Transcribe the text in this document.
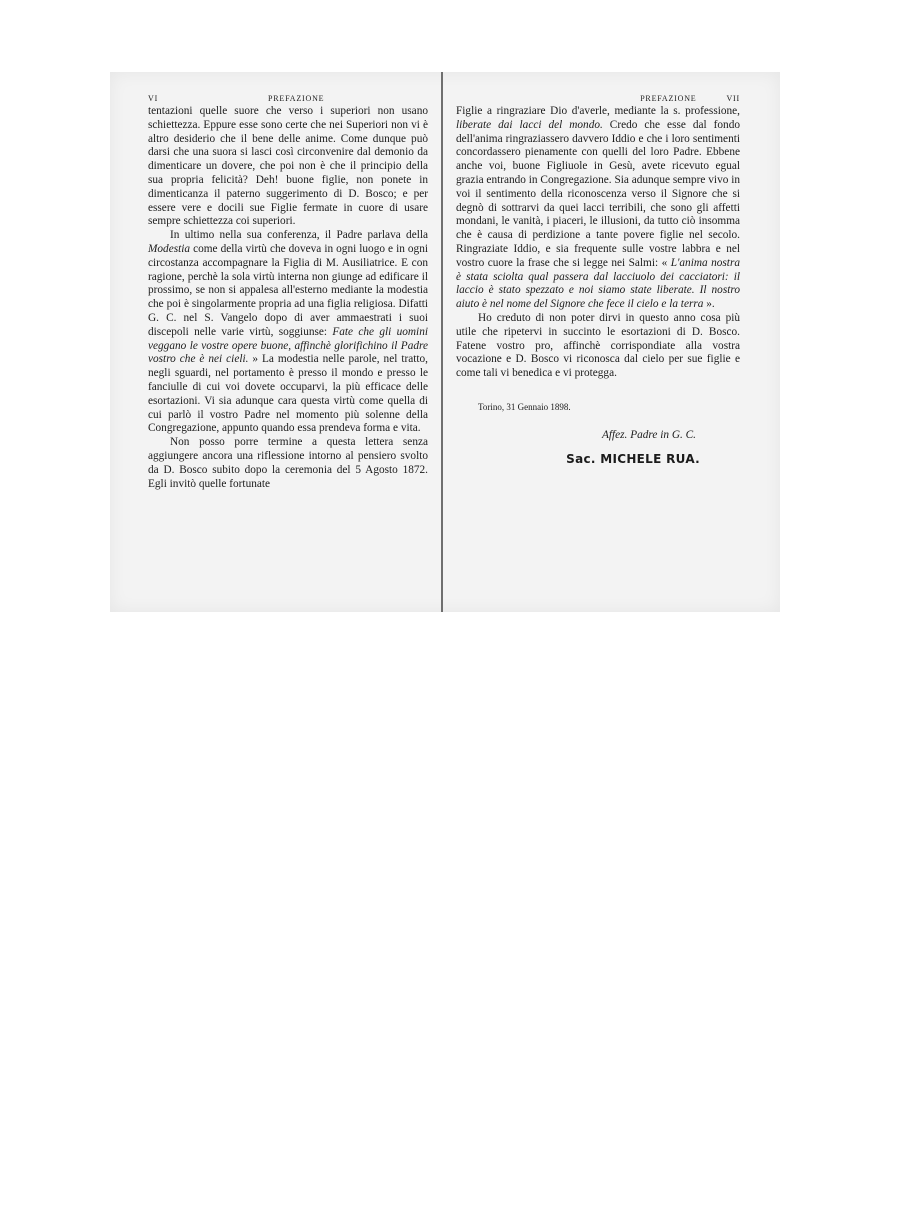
VI	PREFAZIONE

tentazioni quelle suore che verso i superiori non usano schiettezza. Eppure esse sono certe che nei Superiori non vi è altro desiderio che il bene delle anime. Come dunque può darsi che una suora si lasci così circonvenire dal demonio da dimenticare un dovere, che poi non è che il principio della sua propria felicità? Deh! buone figlie, non ponete in dimenticanza il paterno suggerimento di D. Bosco; e per essere vere e docili sue Figlie fermate in cuore di usare sempre schiettezza coi superiori.

In ultimo nella sua conferenza, il Padre parlava della Modestia come della virtù che doveva in ogni luogo e in ogni circostanza accompagnare la Figlia di M. Ausiliatrice. E con ragione, perchè la sola virtù interna non giunge ad edificare il prossimo, se non si appalesa all'esterno mediante la modestia che poi è singolarmente propria ad una figlia religiosa. Difatti G. C. nel S. Vangelo dopo di aver ammaestrati i suoi discepoli nelle varie virtù, soggiunse: Fate che gli uomini veggano le vostre opere buone, affinchè glorifichino il Padre vostro che è nei cieli. » La modestia nelle parole, nel tratto, negli sguardi, nel portamento è presso il mondo e presso le fanciulle di cui voi dovete occuparvi, la più efficace delle esortazioni. Vi sia adunque cara questa virtù come quella di cui parlò il vostro Padre nel momento più solenne della Congregazione, appunto quando essa prendeva forma e vita.

Non posso porre termine a questa lettera senza aggiungere ancora una riflessione intorno al pensiero svolto da D. Bosco subito dopo la ceremonia del 5 Agosto 1872. Egli invitò quelle fortunate

PREFAZIONE	VII

Figlie a ringraziare Dio d'averle, mediante la s. professione, liberate dai lacci del mondo. Credo che esse dal fondo dell'anima ringraziassero davvero Iddio e che i loro sentimenti concordassero pienamente con quelli del loro Padre. Ebbene anche voi, buone Figliuole in Gesù, avete ricevuto egual grazia entrando in Congregazione. Sia adunque sempre vivo in voi il sentimento della riconoscenza verso il Signore che si degnò di sottrarvi da quei lacci terribili, che sono gli affetti mondani, le vanità, i piaceri, le illusioni, da tutto ciò insomma che è causa di perdizione a tante povere figlie nel secolo. Ringraziate Iddio, e sia frequente sulle vostre labbra e nel vostro cuore la frase che si legge nei Salmi: « L'anima nostra è stata sciolta qual passera dal lacciuolo dei cacciatori: il laccio è stato spezzato e noi siamo state liberate. Il nostro aiuto è nel nome del Signore che fece il cielo e la terra ».

Ho creduto di non poter dirvi in questo anno cosa più utile che ripetervi in succinto le esortazioni di D. Bosco. Fatene vostro pro, affinchè corrispondiate alla vostra vocazione e D. Bosco vi riconosca dal cielo per sue figlie e come tali vi benedica e vi protegga.

Torino, 31 Gennaio 1898.
Affez. Padre in G. C.
Sac. MICHELE RUA.
